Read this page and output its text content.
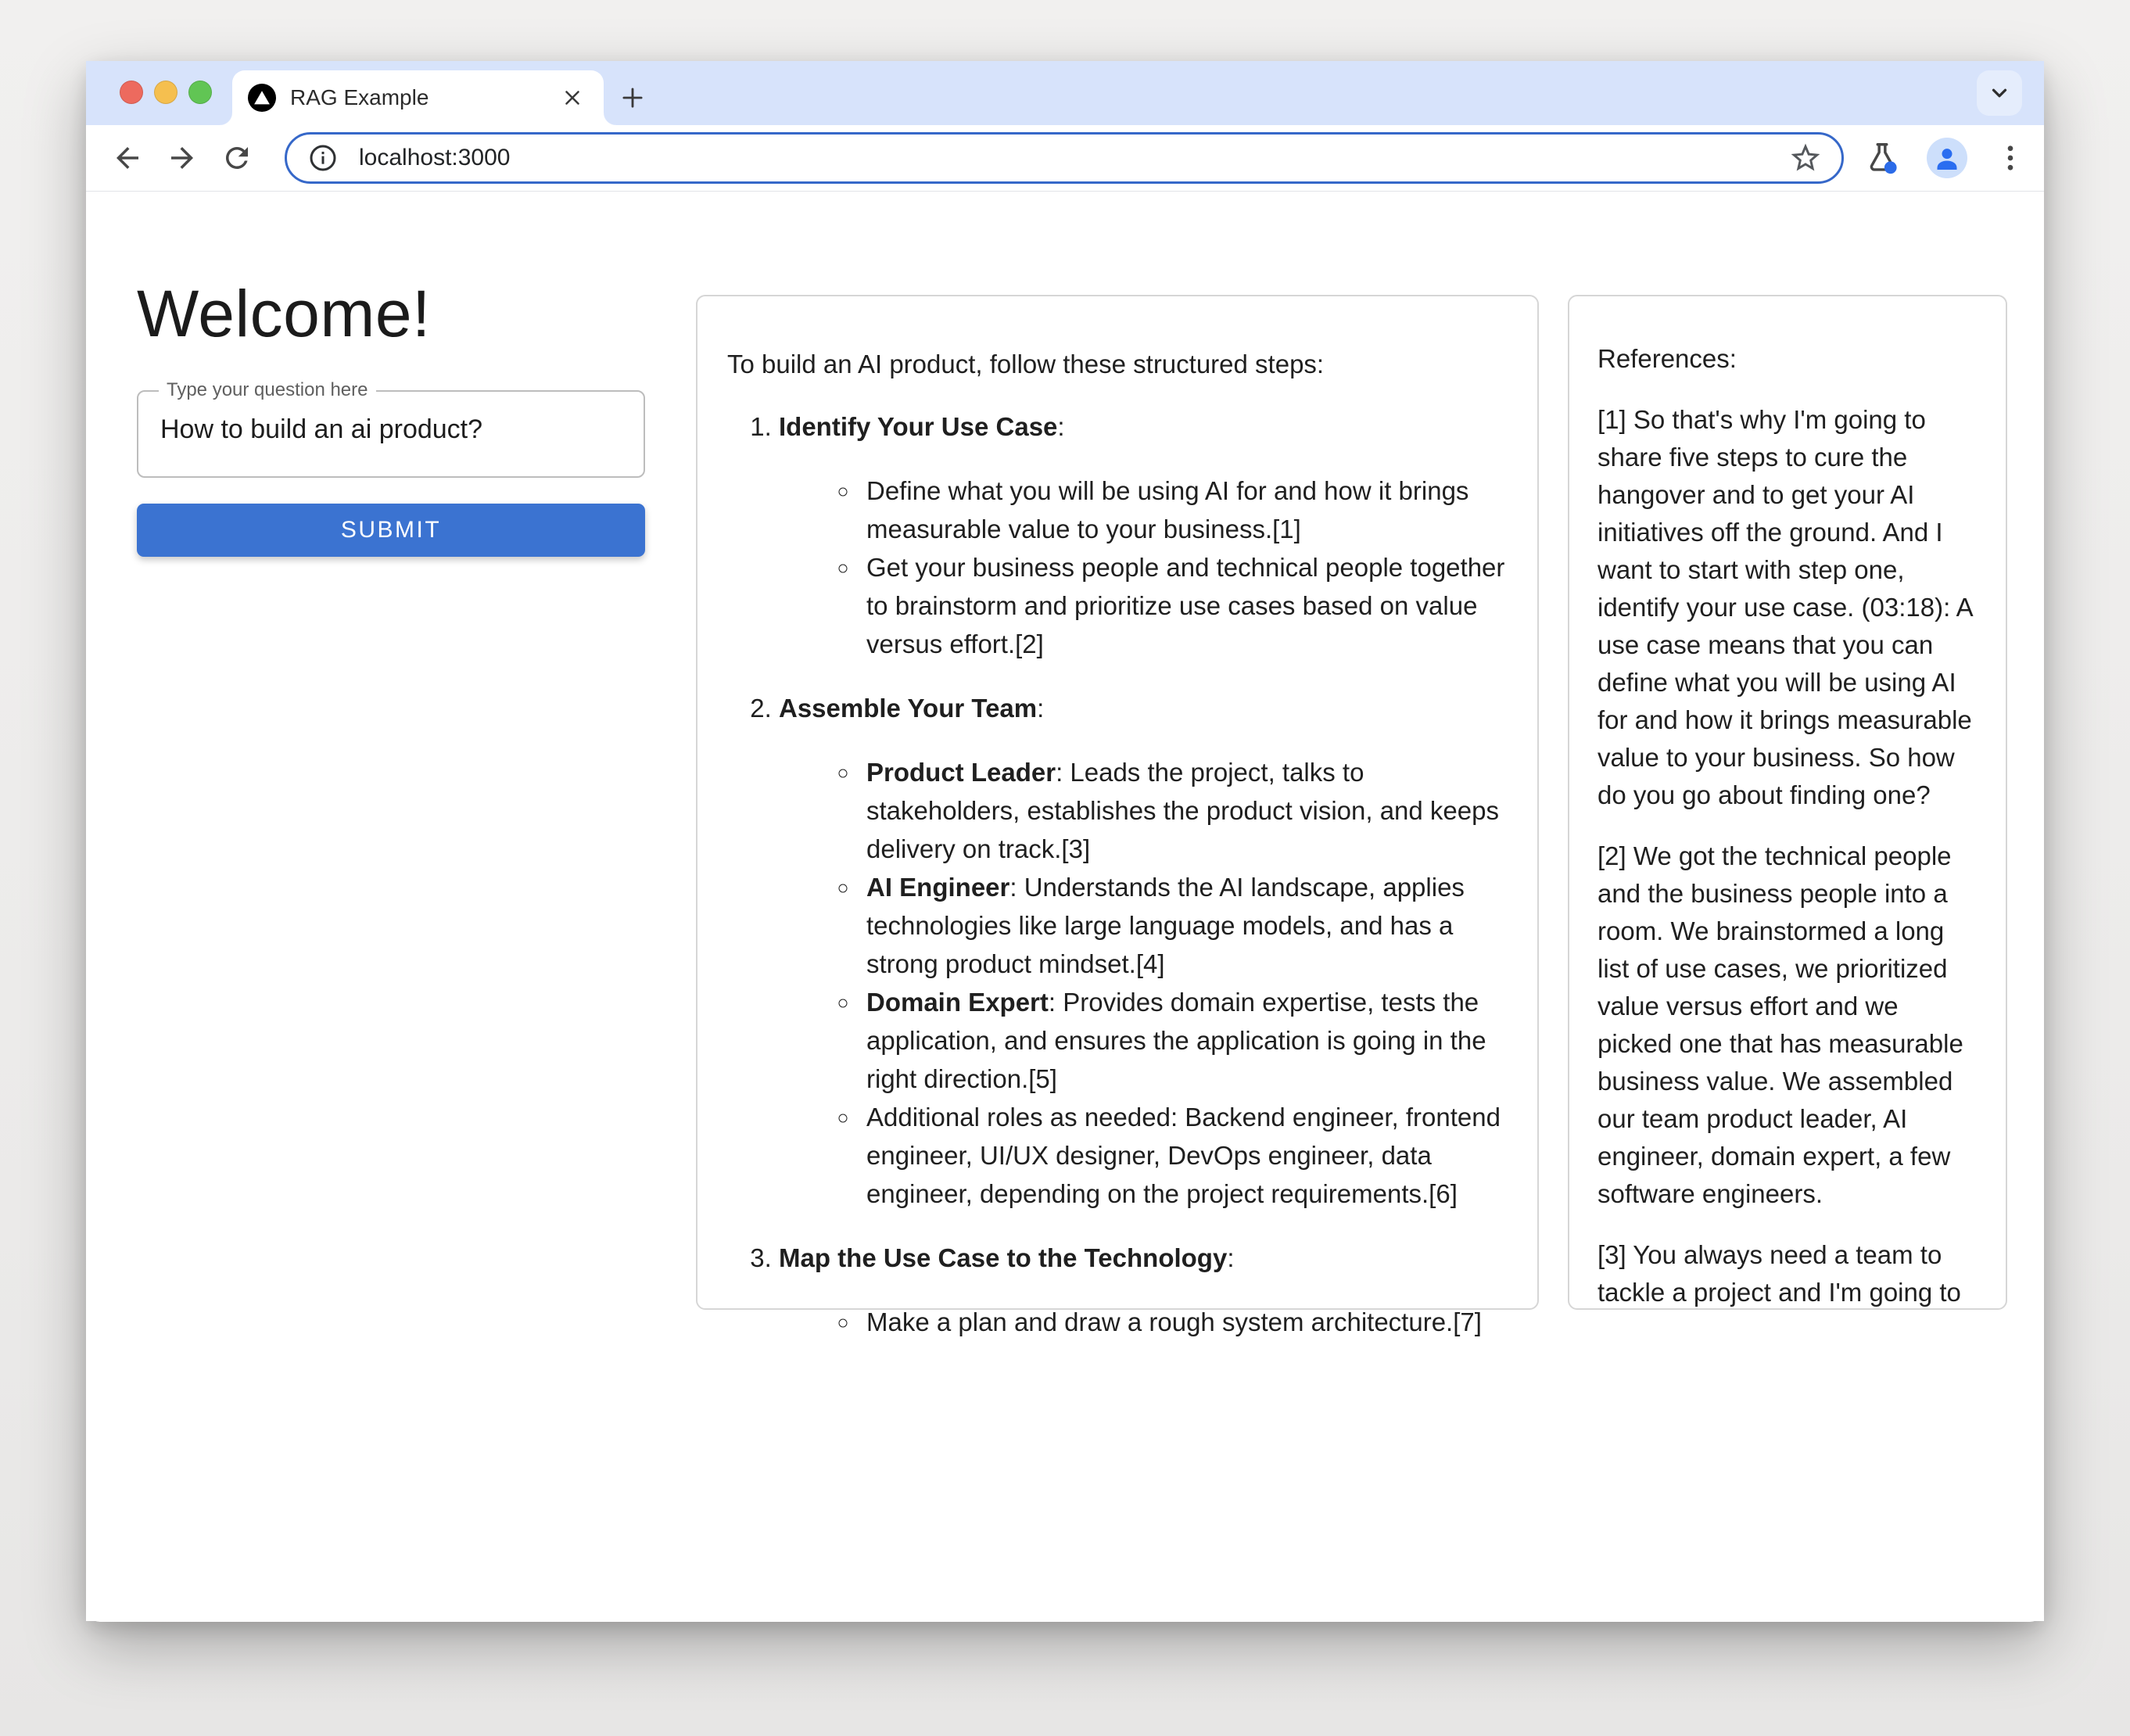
RAG Example
localhost:3000
Welcome!
Type your question here
How to build an ai product?
SUBMIT

To build an AI product, follow these structured steps:

1. Identify Your Use Case:

◦ Define what you will be using AI for and how it brings measurable value to your business.[1]

◦ Get your business people and technical people together to brainstorm and prioritize use cases based on value versus effort.[2]

2. Assemble Your Team:

◦ Product Leader: Leads the project, talks to stakeholders, establishes the product vision, and keeps delivery on track.[3]

◦ AI Engineer: Understands the AI landscape, applies technologies like large language models, and has a strong product mindset.[4]

◦ Domain Expert: Provides domain expertise, tests the application, and ensures the application is going in the right direction.[5]

◦ Additional roles as needed: Backend engineer, frontend engineer, UI/UX designer, DevOps engineer, data engineer, depending on the project requirements.[6]

3. Map the Use Case to the Technology:

◦ Make a plan and draw a rough system architecture.[7]

References:

[1] So that's why I'm going to share five steps to cure the hangover and to get your AI initiatives off the ground. And I want to start with step one, identify your use case. (03:18): A use case means that you can define what you will be using AI for and how it brings measurable value to your business. So how do you go about finding one?

[2] We got the technical people and the business people into a room. We brainstormed a long list of use cases, we prioritized value versus effort and we picked one that has measurable business value. We assembled our team product leader, AI engineer, domain expert, a few software engineers.

[3] You always need a team to tackle a project and I'm going to
